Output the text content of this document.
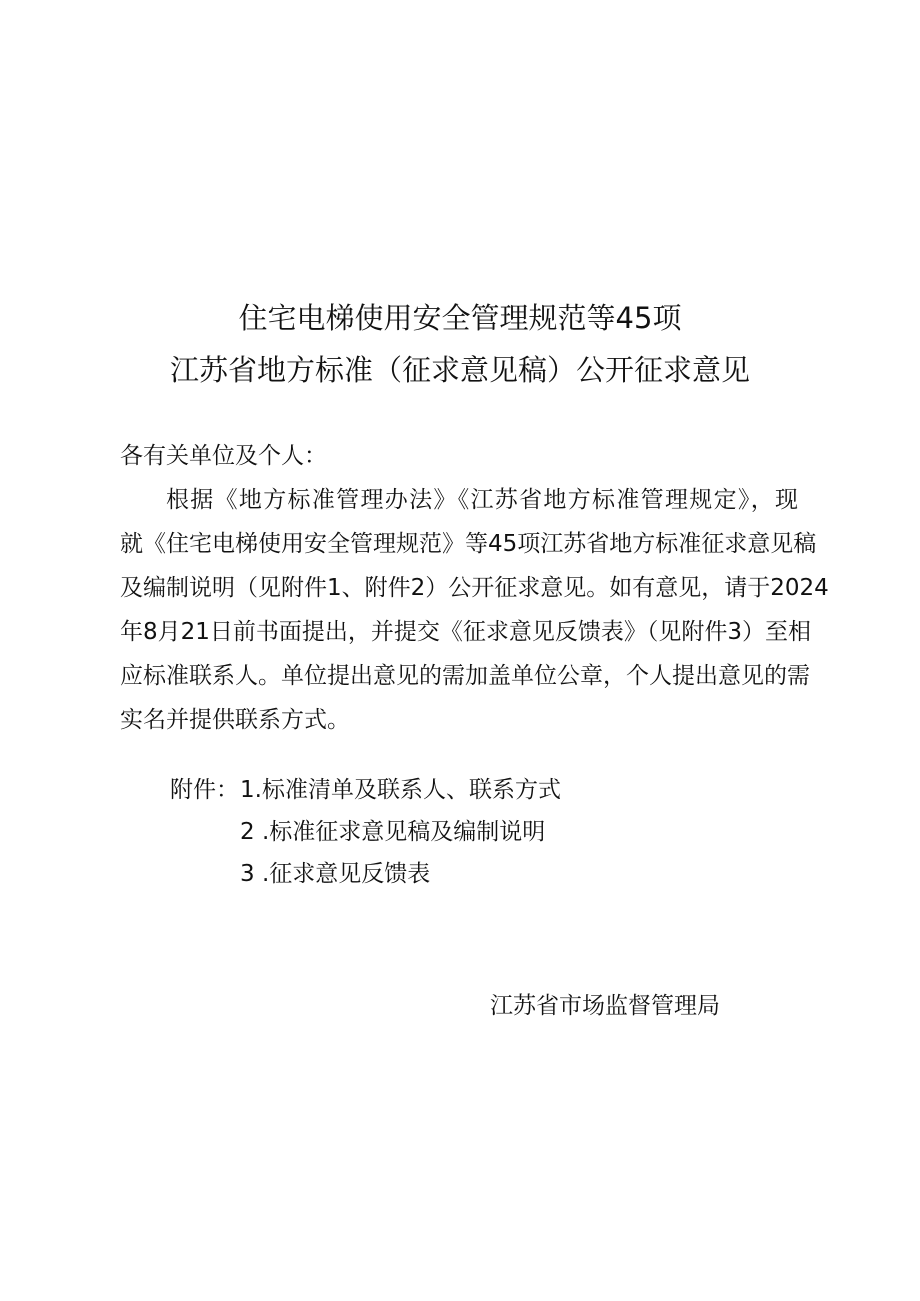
住宅电梯使用安全管理规范等45项
江苏省地方标准（征求意见稿）公开征求意见
各有关单位及个人：
根据《地方标准管理办法》《江苏省地方标准管理规定》，现
就《住宅电梯使用安全管理规范》等45项江苏省地方标准征求意见稿
及编制说明（见附件1、附件2）公开征求意见。如有意见，请于2024
年8月21日前书面提出，并提交《征求意见反馈表》（见附件3）至相
应标准联系人。单位提出意见的需加盖单位公章，个人提出意见的需
实名并提供联系方式。
附件： 1.标准清单及联系人、联系方式
2 .标准征求意见稿及编制说明
3 .征求意见反馈表
江苏省市场监督管理局
